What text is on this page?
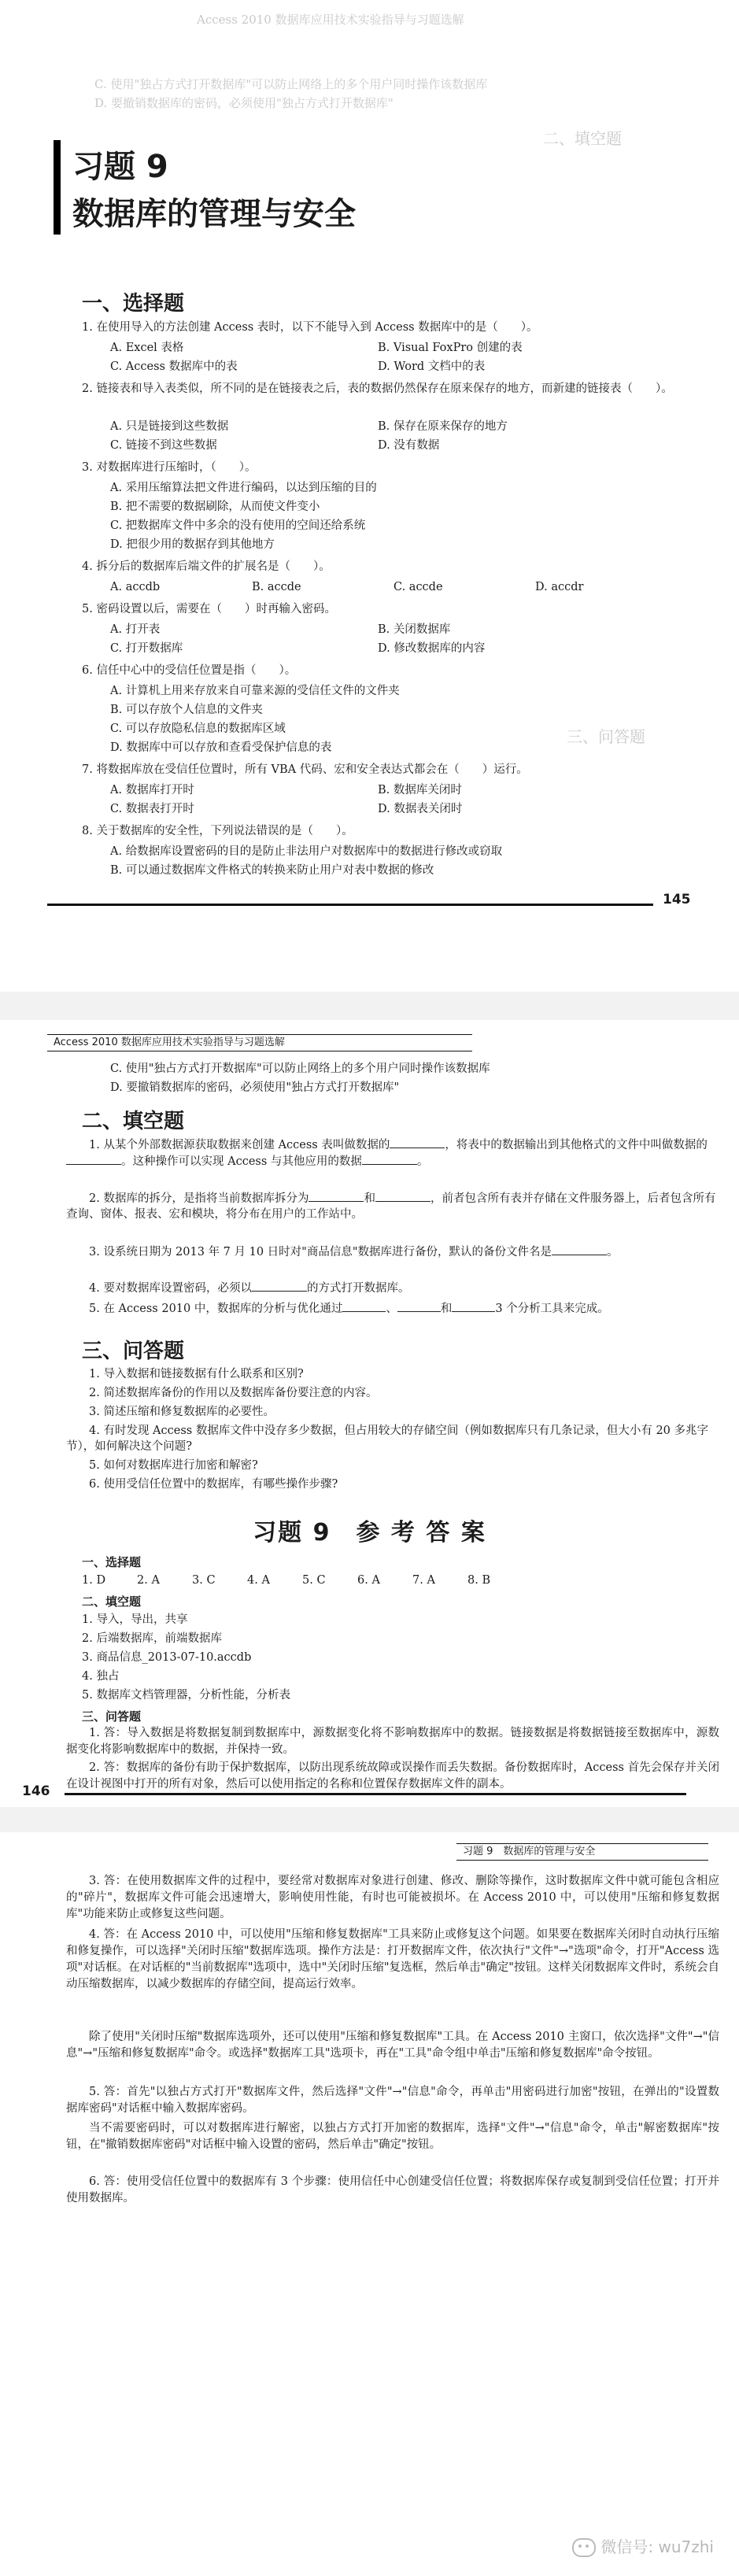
Access 2010 数据库应用技术实验指导与习题选解
C. 使用"独占方式打开数据库"可以防止网络上的多个用户同时操作该数据库
D. 要撤销数据库的密码，必须使用"独占方式打开数据库"
二、填空题
三、问答题
习题 9
数据库的管理与安全
一、选择题
1. 在使用导入的方法创建 Access 表时，以下不能导入到 Access 数据库中的是（　　）。
A. Excel 表格	B. Visual FoxPro 创建的表
C. Access 数据库中的表	D. Word 文档中的表
2. 链接表和导入表类似，所不同的是在链接表之后，表的数据仍然保存在原来保存的地方，而新建的链接表（　　）。
A. 只是链接到这些数据	B. 保存在原来保存的地方
C. 链接不到这些数据	D. 没有数据
3. 对数据库进行压缩时，（　　）。
A. 采用压缩算法把文件进行编码，以达到压缩的目的
B. 把不需要的数据刷除，从而使文件变小
C. 把数据库文件中多余的没有使用的空间还给系统
D. 把很少用的数据存到其他地方
4. 拆分后的数据库后端文件的扩展名是（　　）。
A. accdb	B. accde	C. accde	D. accdr
5. 密码设置以后，需要在（　　）时再输入密码。
A. 打开表	B. 关闭数据库
C. 打开数据库	D. 修改数据库的内容
6. 信任中心中的受信任位置是指（　　）。
A. 计算机上用来存放来自可靠来源的受信任文件的文件夹
B. 可以存放个人信息的文件夹
C. 可以存放隐私信息的数据库区域
D. 数据库中可以存放和查看受保护信息的表
7. 将数据库放在受信任位置时，所有 VBA 代码、宏和安全表达式都会在（　　）运行。
A. 数据库打开时	B. 数据库关闭时
C. 数据表打开时	D. 数据表关闭时
8. 关于数据库的安全性，下列说法错误的是（　　）。
A. 给数据库设置密码的目的是防止非法用户对数据库中的数据进行修改或窃取
B. 可以通过数据库文件格式的转换来防止用户对表中数据的修改
145
Access 2010 数据库应用技术实验指导与习题选解
C. 使用"独占方式打开数据库"可以防止网络上的多个用户同时操作该数据库
D. 要撤销数据库的密码，必须使用"独占方式打开数据库"
二、填空题
1. 从某个外部数据源获取数据来创建 Access 表叫做数据的	，将表中的数据输出到其他格式的文件中叫做数据的。这种操作可以实现 Access 与其他应用的数据	。
2. 数据库的拆分，是指将当前数据库拆分为	和	，前者包含所有表并存储在文件服务器上，后者包含所有查询、窗体、报表、宏和模块，将分布在用户的工作站中。
3. 设系统日期为 2013 年 7 月 10 日时对"商品信息"数据库进行备份，默认的备份文件名是	。
4. 要对数据库设置密码，必须以	的方式打开数据库。
5. 在 Access 2010 中，数据库的分析与优化通过	、	和	3 个分析工具来完成。
三、问答题
1. 导入数据和链接数据有什么联系和区别?
2. 简述数据库备份的作用以及数据库备份要注意的内容。
3. 简述压缩和修复数据库的必要性。
4. 有时发现 Access 数据库文件中没存多少数据，但占用较大的存储空间（例如数据库只有几条记录，但大小有 20 多兆字节），如何解决这个问题?
5. 如何对数据库进行加密和解密?
6. 使用受信任位置中的数据库，有哪些操作步骤?
习题 9　参 考 答 案
一、选择题
1. D	2. A	3. C	4. A	5. C	6. A	7. A	8. B
二、填空题
1. 导入，导出，共享
2. 后端数据库，前端数据库
3. 商品信息_2013-07-10.accdb
4. 独占
5. 数据库文档管理器，分析性能，分析表
三、问答题
1. 答：导入数据是将数据复制到数据库中，源数据变化将不影响数据库中的数据。链接数据是将数据链接至数据库中，源数据变化将影响数据库中的数据，并保持一致。
2. 答：数据库的备份有助于保护数据库，以防出现系统故障或误操作而丢失数据。备份数据库时，Access 首先会保存并关闭在设计视图中打开的所有对象，然后可以使用指定的名称和位置保存数据库文件的副本。
146
习题 9　数据库的管理与安全
3. 答：在使用数据库文件的过程中，要经常对数据库对象进行创建、修改、删除等操作，这时数据库文件中就可能包含相应的"碎片"，数据库文件可能会迅速增大，影响使用性能，有时也可能被损坏。在 Access 2010 中，可以使用"压缩和修复数据库"功能来防止或修复这些问题。
4. 答：在 Access 2010 中，可以使用"压缩和修复数据库"工具来防止或修复这个问题。如果要在数据库关闭时自动执行压缩和修复操作，可以选择"关闭时压缩"数据库选项。操作方法是：打开数据库文件，依次执行"文件"→"选项"命令，打开"Access 选项"对话框。在对话框的"当前数据库"选项中，选中"关闭时压缩"复选框，然后单击"确定"按钮。这样关闭数据库文件时，系统会自动压缩数据库，以减少数据库的存储空间，提高运行效率。
除了使用"关闭时压缩"数据库选项外，还可以使用"压缩和修复数据库"工具。在 Access 2010 主窗口，依次选择"文件"→"信息"→"压缩和修复数据库"命令。或选择"数据库工具"选项卡，再在"工具"命令组中单击"压缩和修复数据库"命令按钮。
5. 答：首先"以独占方式打开"数据库文件，然后选择"文件"→"信息"命令，再单击"用密码进行加密"按钮，在弹出的"设置数据库密码"对话框中输入数据库密码。
当不需要密码时，可以对数据库进行解密，以独占方式打开加密的数据库，选择"文件"→"信息"命令，单击"解密数据库"按钮，在"撤销数据库密码"对话框中输入设置的密码，然后单击"确定"按钮。
6. 答：使用受信任位置中的数据库有 3 个步骤：使用信任中心创建受信任位置；将数据库保存或复制到受信任位置；打开并使用数据库。
微信号: wu7zhi
